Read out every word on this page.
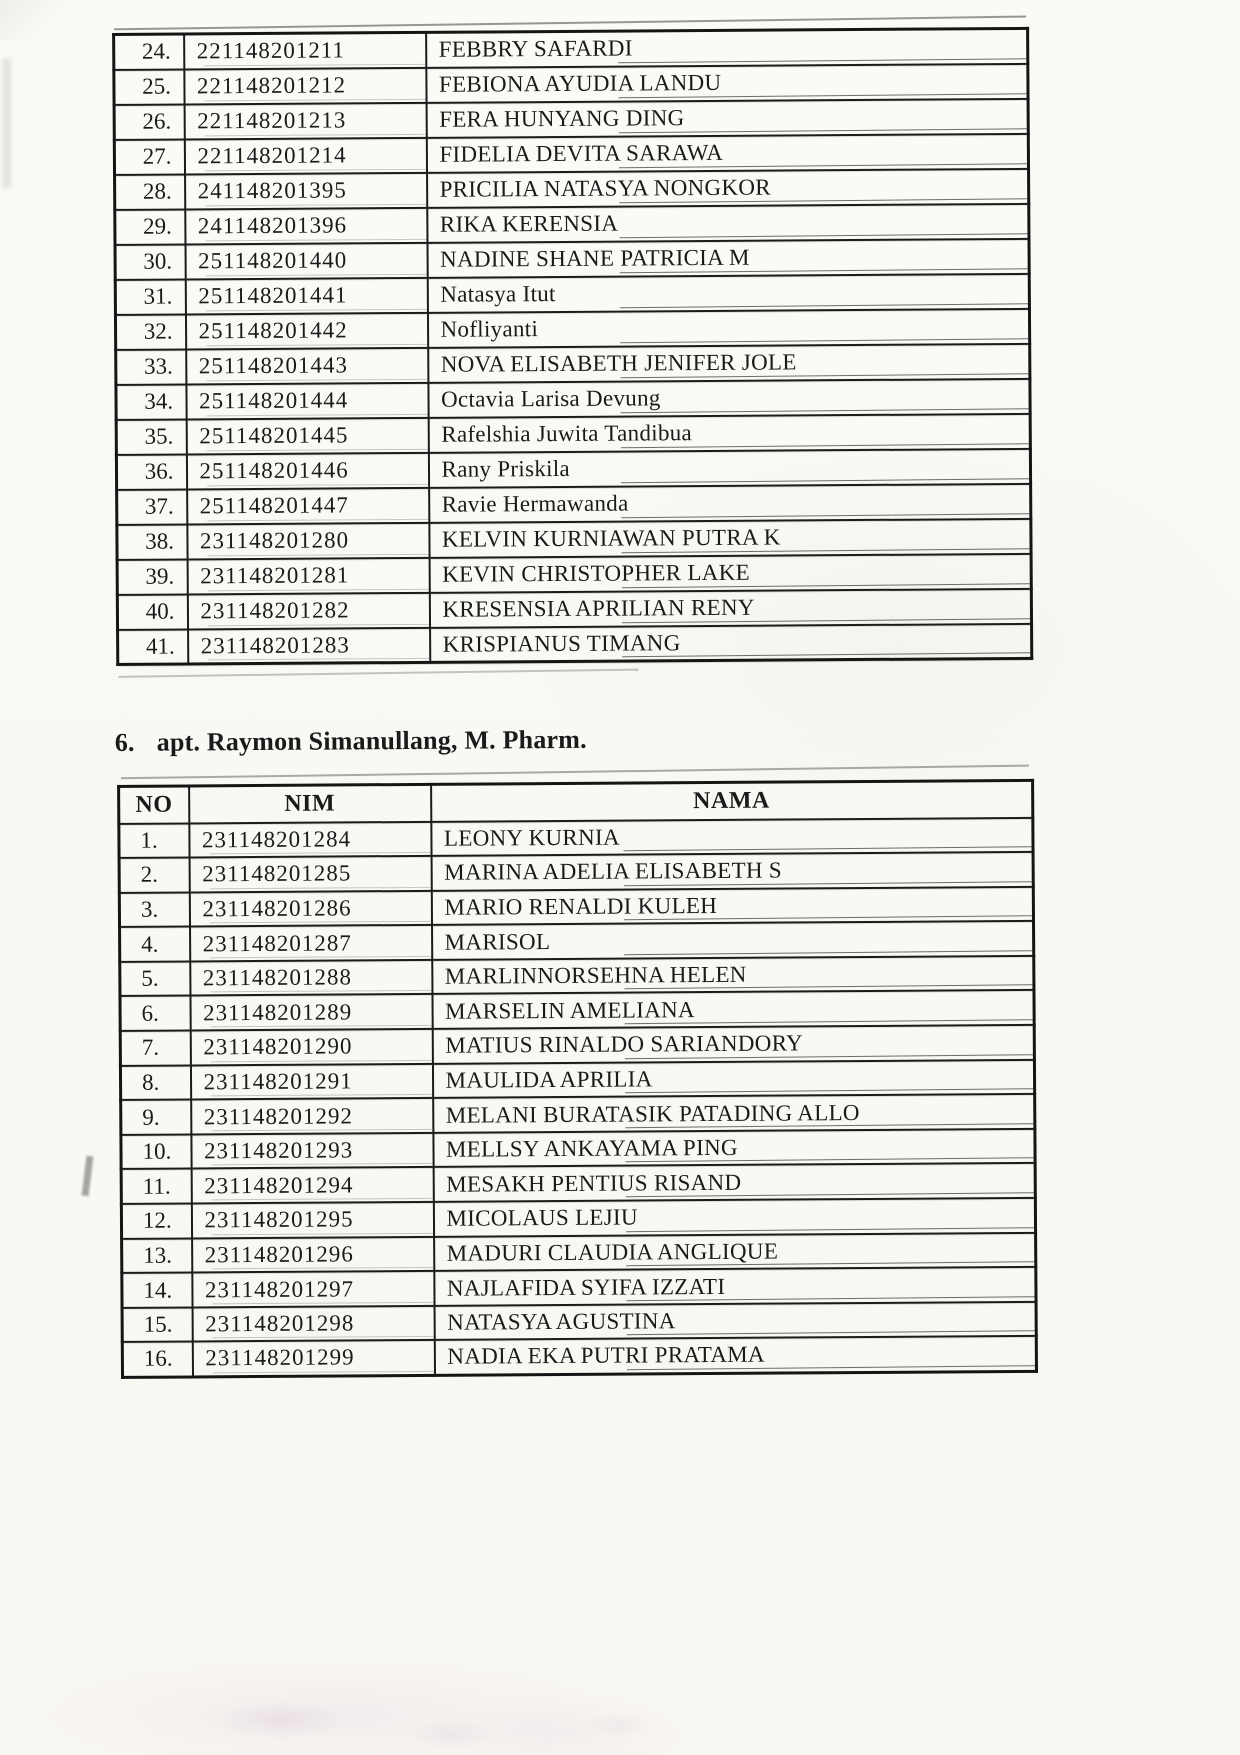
24.	221148201211	FEBBRY SAFARDI
25.	221148201212	FEBIONA AYUDIA LANDU
26.	221148201213	FERA HUNYANG DING
27.	221148201214	FIDELIA DEVITA SARAWA
28.	241148201395	PRICILIA NATASYA NONGKOR
29.	241148201396	RIKA KERENSIA
30.	251148201440	NADINE SHANE PATRICIA M
31.	251148201441	Natasya Itut
32.	251148201442	Nofliyanti
33.	251148201443	NOVA ELISABETH JENIFER JOLE
34.	251148201444	Octavia Larisa Devung
35.	251148201445	Rafelshia Juwita Tandibua
36.	251148201446	Rany Priskila
37.	251148201447	Ravie Hermawanda
38.	231148201280	KELVIN KURNIAWAN PUTRA K
39.	231148201281	KEVIN CHRISTOPHER LAKE
40.	231148201282	KRESENSIA APRILIAN RENY
41.	231148201283	KRISPIANUS TIMANG
6. apt. Raymon Simanullang, M. Pharm.
NO	NIM	NAMA
1.	231148201284	LEONY KURNIA
2.	231148201285	MARINA ADELIA ELISABETH S
3.	231148201286	MARIO RENALDI KULEH
4.	231148201287	MARISOL
5.	231148201288	MARLINNORSEHNA HELEN
6.	231148201289	MARSELIN AMELIANA
7.	231148201290	MATIUS RINALDO SARIANDORY
8.	231148201291	MAULIDA APRILIA
9.	231148201292	MELANI BURATASIK PATADING ALLO
10.	231148201293	MELLSY ANKAYAMA PING
11.	231148201294	MESAKH PENTIUS RISAND
12.	231148201295	MICOLAUS LEJIU
13.	231148201296	MADURI CLAUDIA ANGLIQUE
14.	231148201297	NAJLAFIDA SYIFA IZZATI
15.	231148201298	NATASYA AGUSTINA
16.	231148201299	NADIA EKA PUTRI PRATAMA
